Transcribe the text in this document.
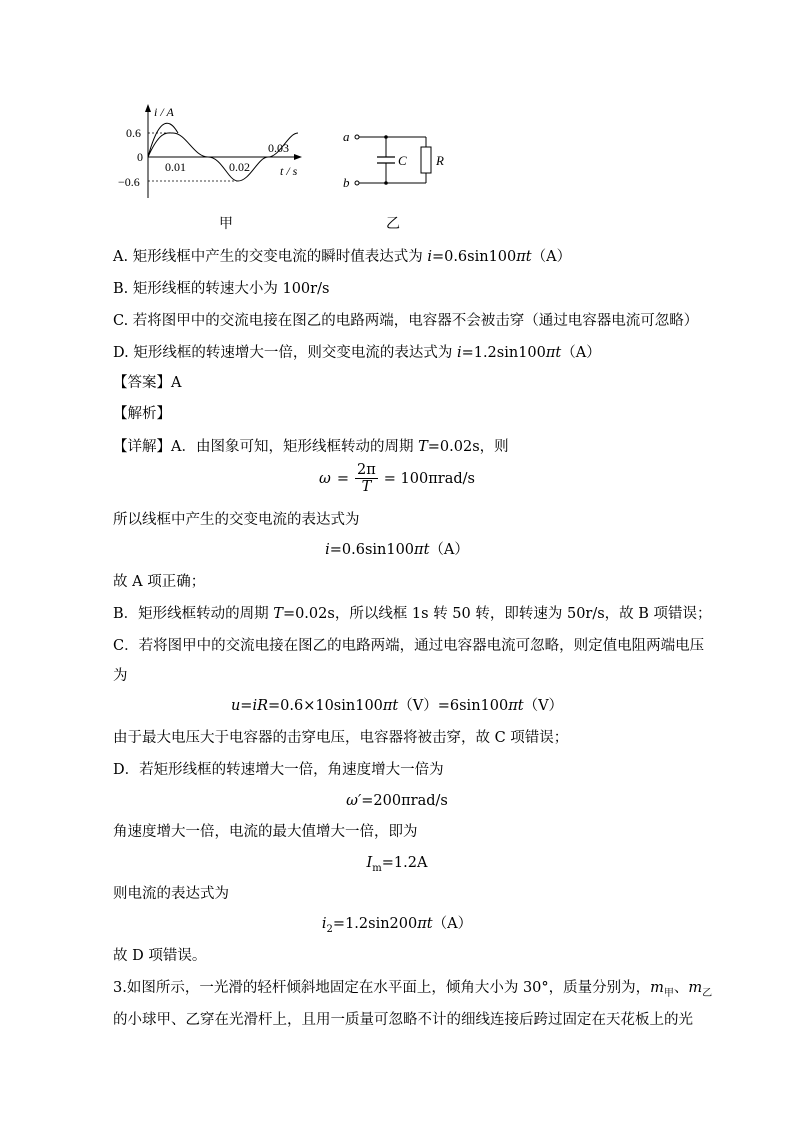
i / A
t / s
0.6
0
−0.6
0.01	0.02
0.03
甲
a
b
C R
乙
A. 矩形线框中产生的交变电流的瞬时值表达式为 i=0.6sin100πt（A）
B. 矩形线框的转速大小为 100r/s
C. 若将图甲中的交流电接在图乙的电路两端，电容器不会被击穿（通过电容器电流可忽略）
D. 矩形线框的转速增大一倍，则交变电流的表达式为 i=1.2sin100πt（A）
【答案】A
【解析】
【详解】A．由图象可知，矩形线框转动的周期 T=0.02s，则
$\omega = \frac{2\pi}{T} = 100\pi rad/s$
所以线框中产生的交变电流的表达式为
i=0.6sin100πt（A）
故 A 项正确；
B．矩形线框转动的周期 T=0.02s，所以线框 1s 转 50 转，即转速为 50r/s，故 B 项错误；
C．若将图甲中的交流电接在图乙的电路两端，通过电容器电流可忽略，则定值电阻两端电压
为
u=iR=0.6×10sin100πt（V）=6sin100πt（V）
由于最大电压大于电容器的击穿电压，电容器将被击穿，故 C 项错误；
D．若矩形线框的转速增大一倍，角速度增大一倍为
ω′=200πrad/s
角速度增大一倍，电流的最大值增大一倍，即为
$I_m=1.2A$
则电流的表达式为
$i_2=1.2\sin 200\pi t(A)$
故 D 项错误。
3.如图所示，一光滑的轻杆倾斜地固定在水平面上，倾角大小为 30°，质量分别为，$m_甲$、$m_乙$
的小球甲、乙穿在光滑杆上，且用一质量可忽略不计的细线连接后跨过固定在天花板上的光
